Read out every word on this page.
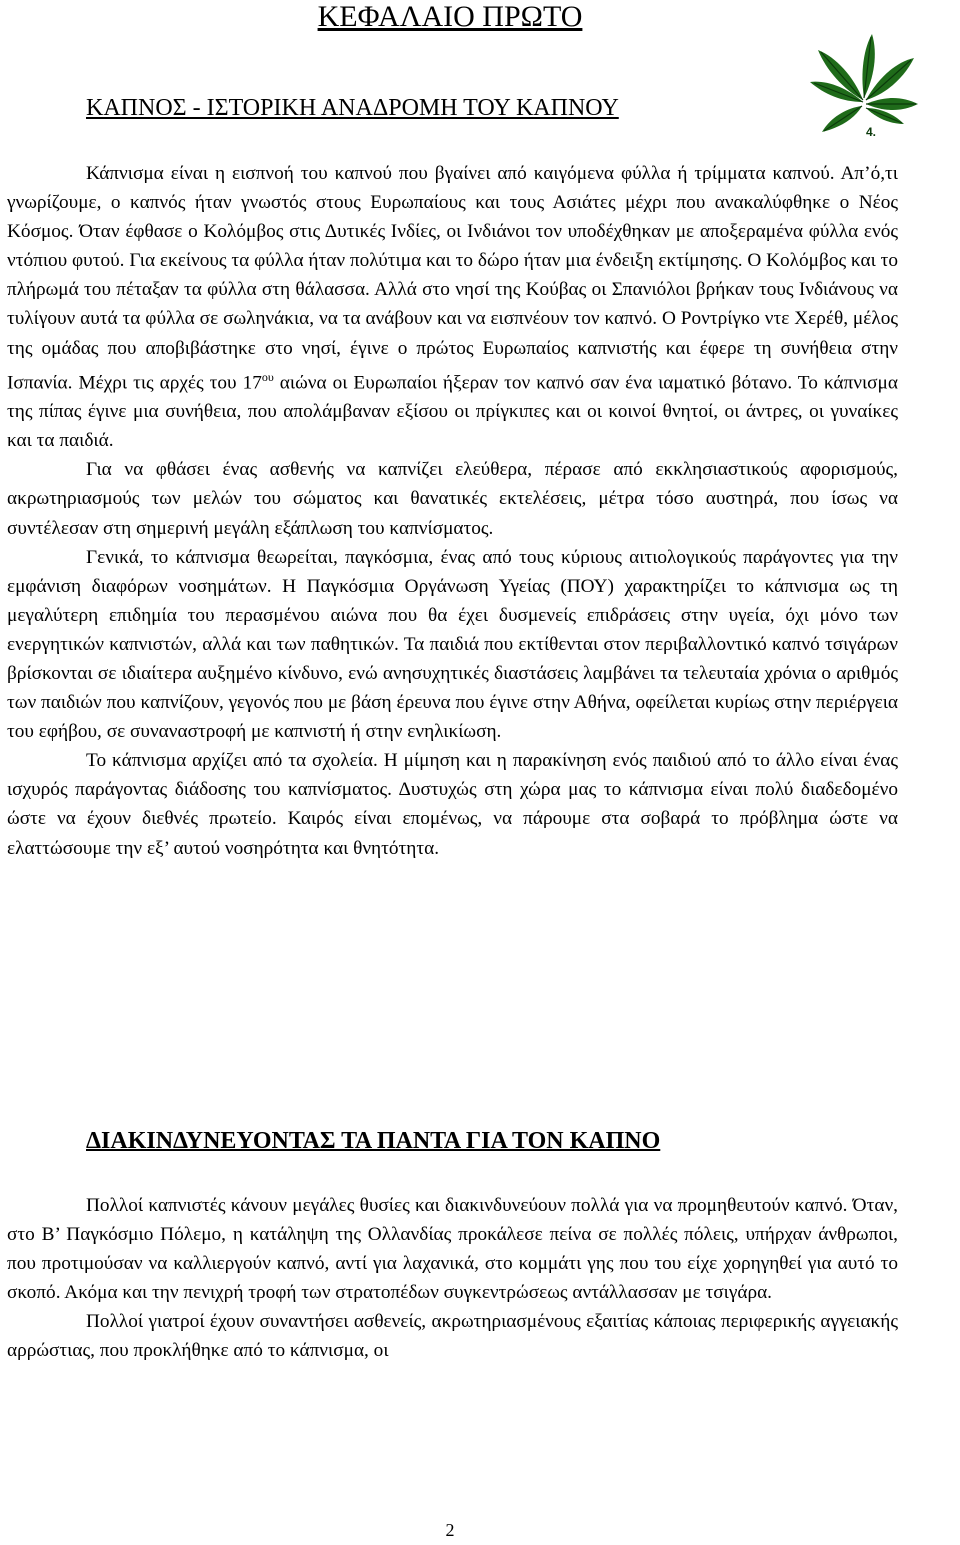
ΚΕΦΑΛΑΙΟ ΠΡΩΤΟ
4.
ΚΑΠΝΟΣ - ΙΣΤΟΡΙΚΗ ΑΝΑΔΡΟΜΗ ΤΟΥ ΚΑΠΝΟΥ

Κάπνισμα είναι η εισπνοή του καπνού που βγαίνει από καιγόμενα φύλλα ή τρίμματα καπνού. Απ’ό,τι γνωρίζουμε, ο καπνός ήταν γνωστός στους Ευρωπαίους και τους Ασιάτες μέχρι που ανακαλύφθηκε ο Νέος Κόσμος. Όταν έφθασε ο Κολόμβος στις Δυτικές Ινδίες, οι Ινδιάνοι τον υποδέχθηκαν με αποξεραμένα φύλλα ενός ντόπιου φυτού. Για εκείνους τα φύλλα ήταν πολύτιμα και το δώρο ήταν μια ένδειξη εκτίμησης. Ο Κολόμβος και το πλήρωμά του πέταξαν τα φύλλα στη θάλασσα. Αλλά στο νησί της Κούβας οι Σπανιόλοι βρήκαν τους Ινδιάνους να τυλίγουν αυτά τα φύλλα σε σωληνάκια, να τα ανάβουν και να εισπνέουν τον καπνό. Ο Ροντρίγκο ντε Χερέθ, μέλος της ομάδας που αποβιβάστηκε στο νησί, έγινε ο πρώτος Ευρωπαίος καπνιστής και έφερε τη συνήθεια στην Ισπανία. Μέχρι τις αρχές του $17^{o\upsilon}$ αιώνα οι Ευρωπαίοι ήξεραν τον καπνό σαν ένα ιαματικό βότανο. Το κάπνισμα της πίπας έγινε μια συνήθεια, που απολάμβαναν εξίσου οι πρίγκιπες και οι κοινοί θνητοί, οι άντρες, οι γυναίκες και τα παιδιά.

Για να φθάσει ένας ασθενής να καπνίζει ελεύθερα, πέρασε από εκκλησιαστικούς αφορισμούς, ακρωτηριασμούς των μελών του σώματος και θανατικές εκτελέσεις, μέτρα τόσο αυστηρά, που ίσως να συντέλεσαν στη σημερινή μεγάλη εξάπλωση του καπνίσματος.

Γενικά, το κάπνισμα θεωρείται, παγκόσμια, ένας από τους κύριους αιτιολογικούς παράγοντες για την εμφάνιση διαφόρων νοσημάτων. Η Παγκόσμια Οργάνωση Υγείας (ΠΟΥ) χαρακτηρίζει το κάπνισμα ως τη μεγαλύτερη επιδημία του περασμένου αιώνα που θα έχει δυσμενείς επιδράσεις στην υγεία, όχι μόνο των ενεργητικών καπνιστών, αλλά και των παθητικών. Τα παιδιά που εκτίθενται στον περιβαλλοντικό καπνό τσιγάρων βρίσκονται σε ιδιαίτερα αυξημένο κίνδυνο, ενώ ανησυχητικές διαστάσεις λαμβάνει τα τελευταία χρόνια ο αριθμός των παιδιών που καπνίζουν, γεγονός που με βάση έρευνα που έγινε στην Αθήνα, οφείλεται κυρίως στην περιέργεια του εφήβου, σε συναναστροφή με καπνιστή ή στην ενηλικίωση.

Το κάπνισμα αρχίζει από τα σχολεία. Η μίμηση και η παρακίνηση ενός παιδιού από το άλλο είναι ένας ισχυρός παράγοντας διάδοσης του καπνίσματος. Δυστυχώς στη χώρα μας το κάπνισμα είναι πολύ διαδεδομένο ώστε να έχουν διεθνές πρωτείο. Καιρός είναι επομένως, να πάρουμε στα σοβαρά το πρόβλημα ώστε να ελαττώσουμε την εξ’ αυτού νοσηρότητα και θνητότητα.

ΔΙΑΚΙΝΔΥΝΕΥΟΝΤΑΣ ΤΑ ΠΑΝΤΑ ΓΙΑ ΤΟΝ ΚΑΠΝΟ

Πολλοί καπνιστές κάνουν μεγάλες θυσίες και διακινδυνεύουν πολλά για να προμηθευτούν καπνό. Όταν, στο Β’ Παγκόσμιο Πόλεμο, η κατάληψη της Ολλανδίας προκάλεσε πείνα σε πολλές πόλεις, υπήρχαν άνθρωποι, που προτιμούσαν να καλλιεργούν καπνό, αντί για λαχανικά, στο κομμάτι γης που του είχε χορηγηθεί για αυτό το σκοπό. Ακόμα και την πενιχρή τροφή των στρατοπέδων συγκεντρώσεως αντάλλασσαν με τσιγάρα.

Πολλοί γιατροί έχουν συναντήσει ασθενείς, ακρωτηριασμένους εξαιτίας κάποιας περιφερικής αγγειακής αρρώστιας, που προκλήθηκε από το κάπνισμα, οι

2
